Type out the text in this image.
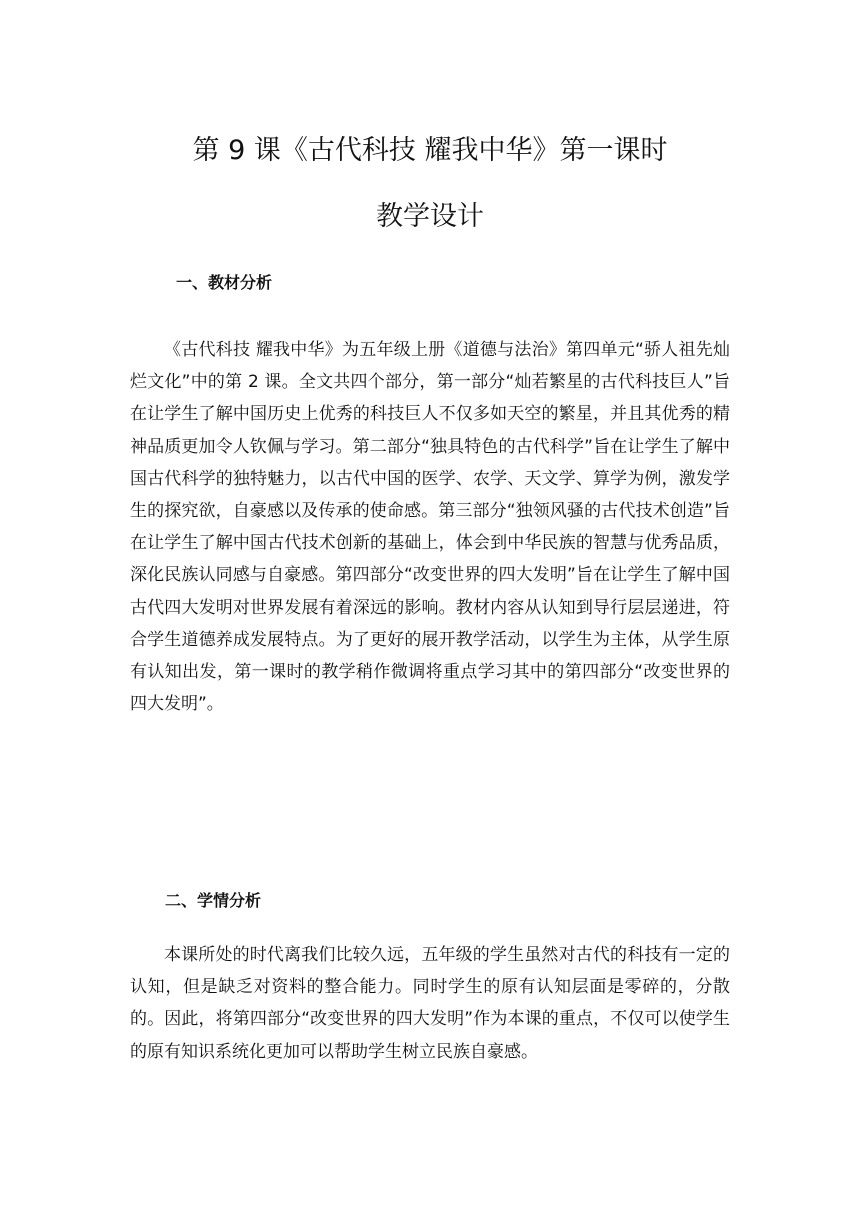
第 9 课《古代科技 耀我中华》第一课时
教学设计
一、教材分析

《古代科技 耀我中华》为五年级上册《道德与法治》第四单元“骄人祖先灿烂文化”中的第 2 课。全文共四个部分，第一部分“灿若繁星的古代科技巨人”旨在让学生了解中国历史上优秀的科技巨人不仅多如天空的繁星，并且其优秀的精神品质更加令人钦佩与学习。第二部分“独具特色的古代科学”旨在让学生了解中国古代科学的独特魅力，以古代中国的医学、农学、天文学、算学为例，激发学生的探究欲，自豪感以及传承的使命感。第三部分“独领风骚的古代技术创造”旨在让学生了解中国古代技术创新的基础上，体会到中华民族的智慧与优秀品质，深化民族认同感与自豪感。第四部分“改变世界的四大发明”旨在让学生了解中国古代四大发明对世界发展有着深远的影响。教材内容从认知到导行层层递进，符合学生道德养成发展特点。为了更好的展开教学活动，以学生为主体，从学生原有认知出发，第一课时的教学稍作微调将重点学习其中的第四部分“改变世界的四大发明”。

二、学情分析

本课所处的时代离我们比较久远，五年级的学生虽然对古代的科技有一定的认知，但是缺乏对资料的整合能力。同时学生的原有认知层面是零碎的，分散的。因此，将第四部分“改变世界的四大发明”作为本课的重点，不仅可以使学生的原有知识系统化更加可以帮助学生树立民族自豪感。
